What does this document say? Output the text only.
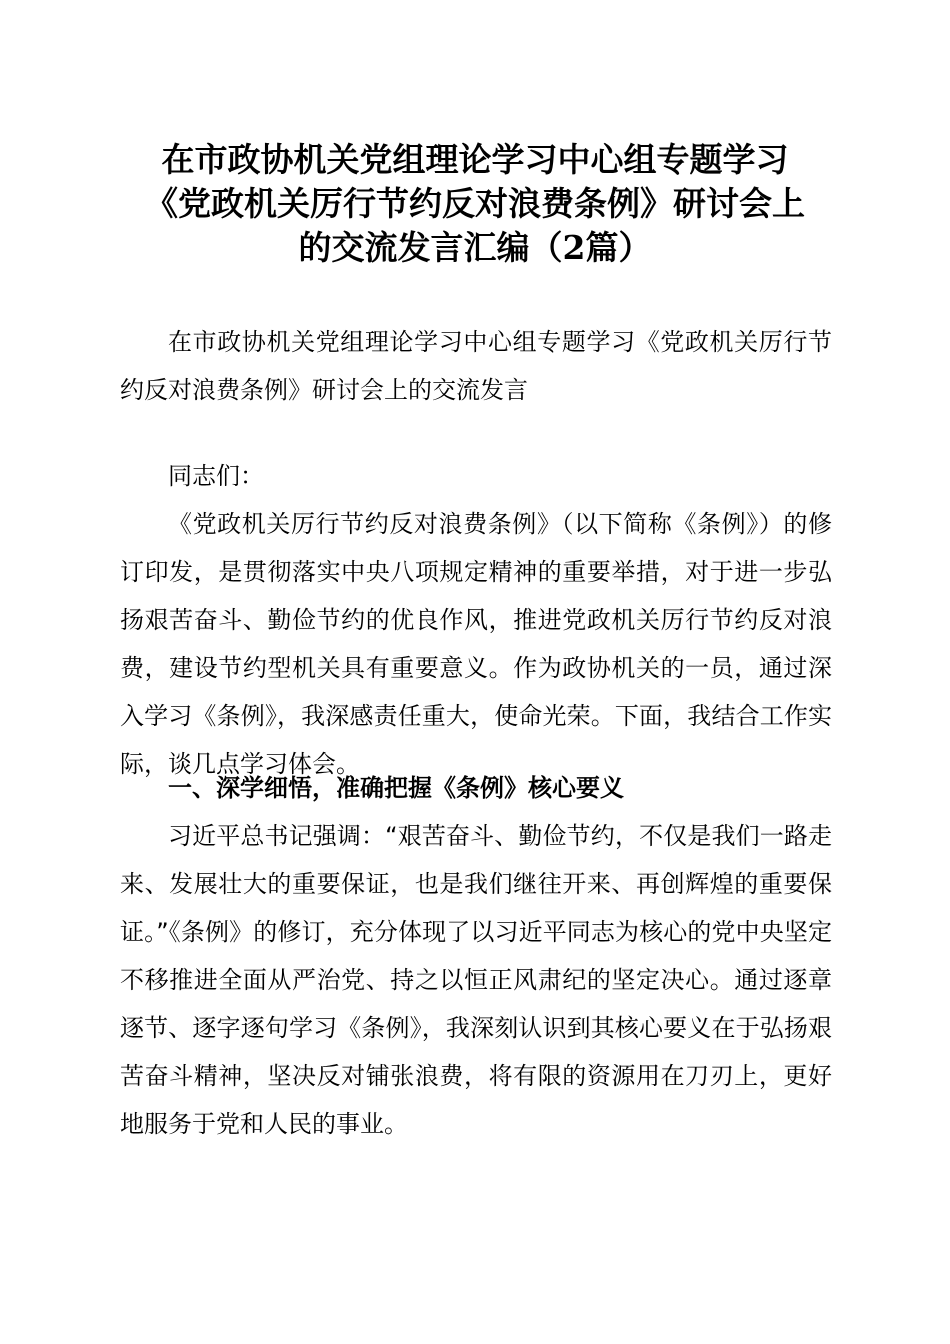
在市政协机关党组理论学习中心组专题学习
《党政机关厉行节约反对浪费条例》研讨会上
的交流发言汇编（2篇）

在市政协机关党组理论学习中心组专题学习《党政机关厉行节约反对浪费条例》研讨会上的交流发言

同志们：

《党政机关厉行节约反对浪费条例》（以下简称《条例》）的修订印发，是贯彻落实中央八项规定精神的重要举措，对于进一步弘扬艰苦奋斗、勤俭节约的优良作风，推进党政机关厉行节约反对浪费，建设节约型机关具有重要意义。作为政协机关的一员，通过深入学习《条例》，我深感责任重大，使命光荣。下面，我结合工作实际，谈几点学习体会。

一、深学细悟，准确把握《条例》核心要义

习近平总书记强调：“艰苦奋斗、勤俭节约，不仅是我们一路走来、发展壮大的重要保证，也是我们继往开来、再创辉煌的重要保证。”《条例》的修订，充分体现了以习近平同志为核心的党中央坚定不移推进全面从严治党、持之以恒正风肃纪的坚定决心。通过逐章逐节、逐字逐句学习《条例》，我深刻认识到其核心要义在于弘扬艰苦奋斗精神，坚决反对铺张浪费，将有限的资源用在刀刃上，更好地服务于党和人民的事业。
